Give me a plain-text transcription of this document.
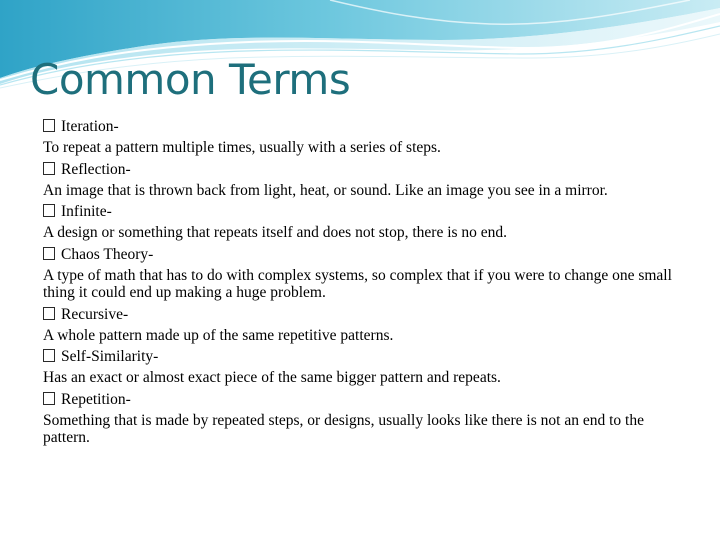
Common Terms
Iteration-
To repeat a pattern multiple times, usually with a series of steps.
Reflection-
An image that is thrown back from light, heat, or sound. Like an image you see in a mirror.
Infinite-
A design or something that repeats itself and does not stop, there is no end.
Chaos Theory-
A type of math that has to do with complex systems, so complex that if you were to change one small thing it could end up making a huge problem.
Recursive-
A whole pattern made up of the same repetitive patterns.
Self-Similarity-
Has an exact or almost exact piece of the same bigger pattern and repeats.
Repetition-
Something that is made by repeated steps, or designs, usually looks like there is not an end to the pattern.
